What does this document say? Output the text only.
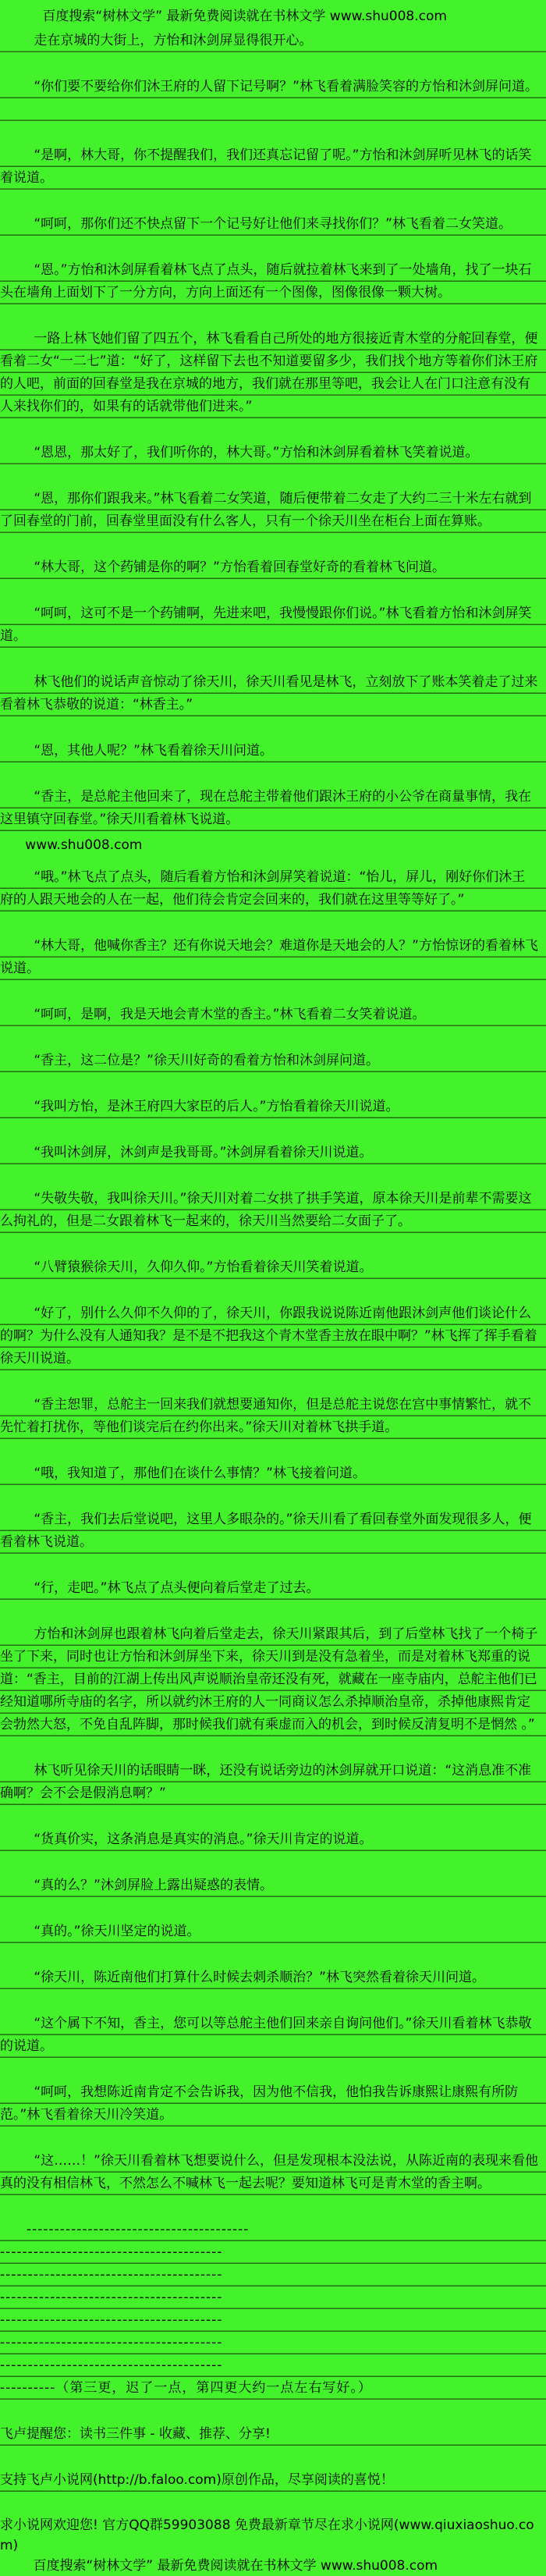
百度搜索“树林文学” 最新免费阅读就在书林文学 www.shu008.com
走在京城的大街上，方怡和沐剑屏显得很开心。
“你们要不要给你们沐王府的人留下记号啊？”林飞看着满脸笑容的方怡和沐剑屏问道。
“是啊，林大哥，你不提醒我们，我们还真忘记留了呢。”方怡和沐剑屏听见林飞的话笑着说道。
“呵呵，那你们还不快点留下一个记号好让他们来寻找你们？”林飞看着二女笑道。
“恩。”方怡和沐剑屏看着林飞点了点头，随后就拉着林飞来到了一处墙角，找了一块石头在墙角上面划下了一分方向，方向上面还有一个图像，图像很像一颗大树。
一路上林飞她们留了四五个，林飞看看自己所处的地方很接近青木堂的分舵回春堂，便看着二女“一二七”道：“好了，这样留下去也不知道要留多少，我们找个地方等着你们沐王府的人吧，前面的回春堂是我在京城的地方，我们就在那里等吧，我会让人在门口注意有没有人来找你们的，如果有的话就带他们进来。”
“恩恩，那太好了，我们听你的，林大哥。”方怡和沐剑屏看着林飞笑着说道。
“恩，那你们跟我来。”林飞看着二女笑道，随后便带着二女走了大约二三十米左右就到了回春堂的门前，回春堂里面没有什么客人，只有一个徐天川坐在柜台上面在算账。
“林大哥，这个药铺是你的啊？”方怡看着回春堂好奇的看着林飞问道。
“呵呵，这可不是一个药铺啊，先进来吧，我慢慢跟你们说。”林飞看着方怡和沐剑屏笑道。
林飞他们的说话声音惊动了徐天川，徐天川看见是林飞，立刻放下了账本笑着走了过来看着林飞恭敬的说道：“林香主。”
“恩，其他人呢？”林飞看着徐天川问道。
“香主，是总舵主他回来了，现在总舵主带着他们跟沐王府的小公爷在商量事情，我在这里镇守回春堂。”徐天川看着林飞说道。
www.shu008.com
“哦。”林飞点了点头，随后看着方怡和沐剑屏笑着说道：“怡儿，屏儿，刚好你们沐王府的人跟天地会的人在一起，他们待会肯定会回来的，我们就在这里等等好了。”
“林大哥，他喊你香主？还有你说天地会？难道你是天地会的人？”方怡惊讶的看着林飞说道。
“呵呵，是啊，我是天地会青木堂的香主。”林飞看着二女笑着说道。
“香主，这二位是？”徐天川好奇的看着方怡和沐剑屏问道。
“我叫方怡，是沐王府四大家臣的后人。”方怡看着徐天川说道。
“我叫沐剑屏，沐剑声是我哥哥。”沐剑屏看着徐天川说道。
“失敬失敬，我叫徐天川。”徐天川对着二女拱了拱手笑道，原本徐天川是前辈不需要这么拘礼的，但是二女跟着林飞一起来的，徐天川当然要给二女面子了。
“八臂猿猴徐天川，久仰久仰。”方怡看着徐天川笑着说道。
“好了，别什么久仰不久仰的了，徐天川，你跟我说说陈近南他跟沐剑声他们谈论什么的啊？为什么没有人通知我？是不是不把我这个青木堂香主放在眼中啊？”林飞挥了挥手看着徐天川说道。
“香主恕罪，总舵主一回来我们就想要通知你，但是总舵主说您在宫中事情繁忙，就不先忙着打扰你，等他们谈完后在约你出来。”徐天川对着林飞拱手道。
“哦，我知道了，那他们在谈什么事情？”林飞接着问道。
“香主，我们去后堂说吧，这里人多眼杂的。”徐天川看了看回春堂外面发现很多人，便看着林飞说道。
“行，走吧。”林飞点了点头便向着后堂走了过去。
方怡和沐剑屏也跟着林飞向着后堂走去，徐天川紧跟其后，到了后堂林飞找了一个椅子坐了下来，同时也让方怡和沐剑屏坐下来，徐天川到是没有急着坐，而是对着林飞郑重的说道：“香主，目前的江湖上传出风声说顺治皇帝还没有死，就藏在一座寺庙内，总舵主他们已经知道哪所寺庙的名字，所以就约沐王府的人一同商议怎么杀掉顺治皇帝，杀掉他康熙肯定会勃然大怒，不免自乱阵脚，那时候我们就有乘虚而入的机会，到时候反清复明不是惘然 。”
林飞听见徐天川的话眼睛一眯，还没有说话旁边的沐剑屏就开口说道：“这消息准不准确啊？会不会是假消息啊？”
“货真价实，这条消息是真实的消息。”徐天川肯定的说道。
“真的么？”沐剑屏脸上露出疑惑的表情。
“真的。”徐天川坚定的说道。
“徐天川，陈近南他们打算什么时候去刺杀顺治？”林飞突然看着徐天川问道。
“这个属下不知，香主，您可以等总舵主他们回来亲自询问他们。”徐天川看着林飞恭敬的说道。
“呵呵，我想陈近南肯定不会告诉我，因为他不信我，他怕我告诉康熙让康熙有所防范。”林飞看着徐天川冷笑道。
“这……！”徐天川看着林飞想要说什么，但是发现根本没法说，从陈近南的表现来看他真的没有相信林飞，不然怎么不喊林飞一起去呢？要知道林飞可是青木堂的香主啊。
----------------------------------------
----------------------------------------
----------------------------------------
----------------------------------------
----------------------------------------
----------------------------------------
----------------------------------------
----------（第三更，迟了一点，第四更大约一点左右写好。）
飞卢提醒您：读书三件事 - 收藏、推荐、分享!
支持飞卢小说网(http://b.faloo.com)原创作品，尽享阅读的喜悦！
求小说网欢迎您! 官方QQ群59903088 免费最新章节尽在求小说网(www.qiuxiaoshuo.com)
百度搜索“树林文学” 最新免费阅读就在书林文学 www.shu008.com
